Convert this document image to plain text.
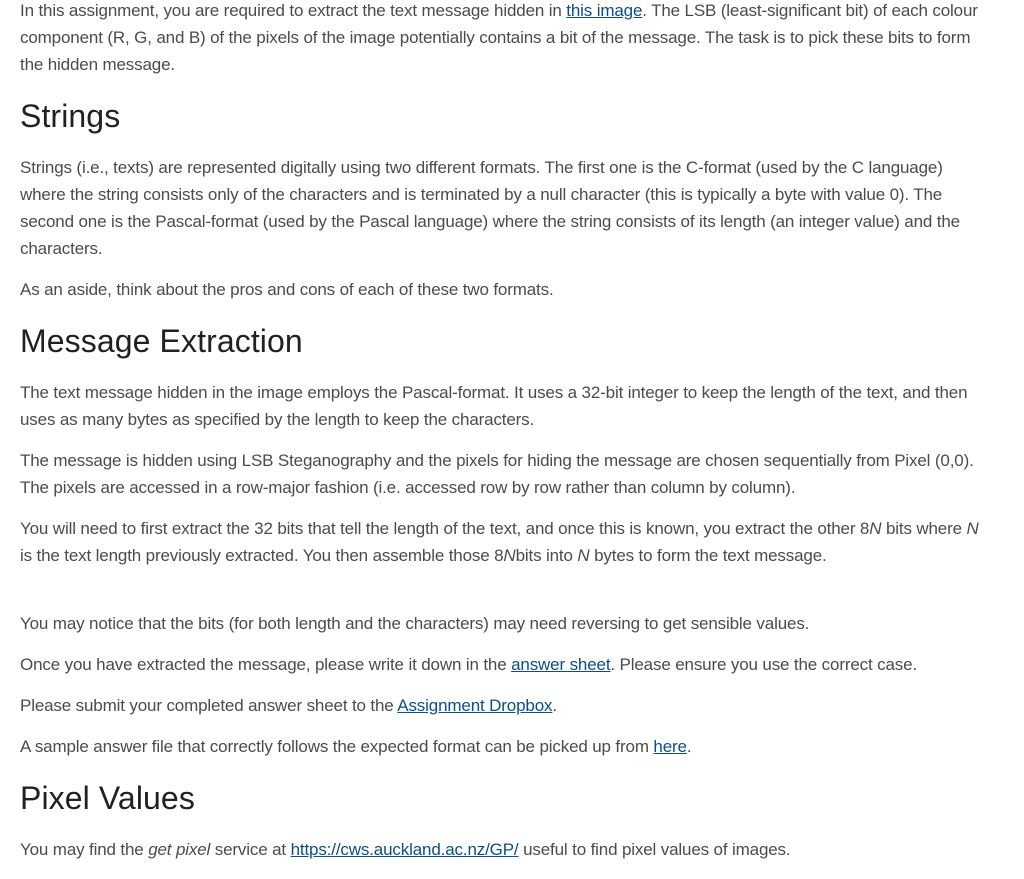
In this assignment, you are required to extract the text message hidden in this image. The LSB (least-significant bit) of each colour component (R, G, and B) of the pixels of the image potentially contains a bit of the message. The task is to pick these bits to form the hidden message.

Strings

Strings (i.e., texts) are represented digitally using two different formats. The first one is the C-format (used by the C language) where the string consists only of the characters and is terminated by a null character (this is typically a byte with value 0). The second one is the Pascal-format (used by the Pascal language) where the string consists of its length (an integer value) and the characters.

As an aside, think about the pros and cons of each of these two formats.

Message Extraction

The text message hidden in the image employs the Pascal-format. It uses a 32-bit integer to keep the length of the text, and then uses as many bytes as specified by the length to keep the characters.

The message is hidden using LSB Steganography and the pixels for hiding the message are chosen sequentially from Pixel (0,0). The pixels are accessed in a row-major fashion (i.e. accessed row by row rather than column by column).

You will need to first extract the 32 bits that tell the length of the text, and once this is known, you extract the other 8N bits where N is the text length previously extracted. You then assemble those 8Nbits into N bytes to form the text message.

You may notice that the bits (for both length and the characters) may need reversing to get sensible values.

Once you have extracted the message, please write it down in the answer sheet. Please ensure you use the correct case.

Please submit your completed answer sheet to the Assignment Dropbox.

A sample answer file that correctly follows the expected format can be picked up from here.

Pixel Values

You may find the get pixel service at https://cws.auckland.ac.nz/GP/ useful to find pixel values of images.
